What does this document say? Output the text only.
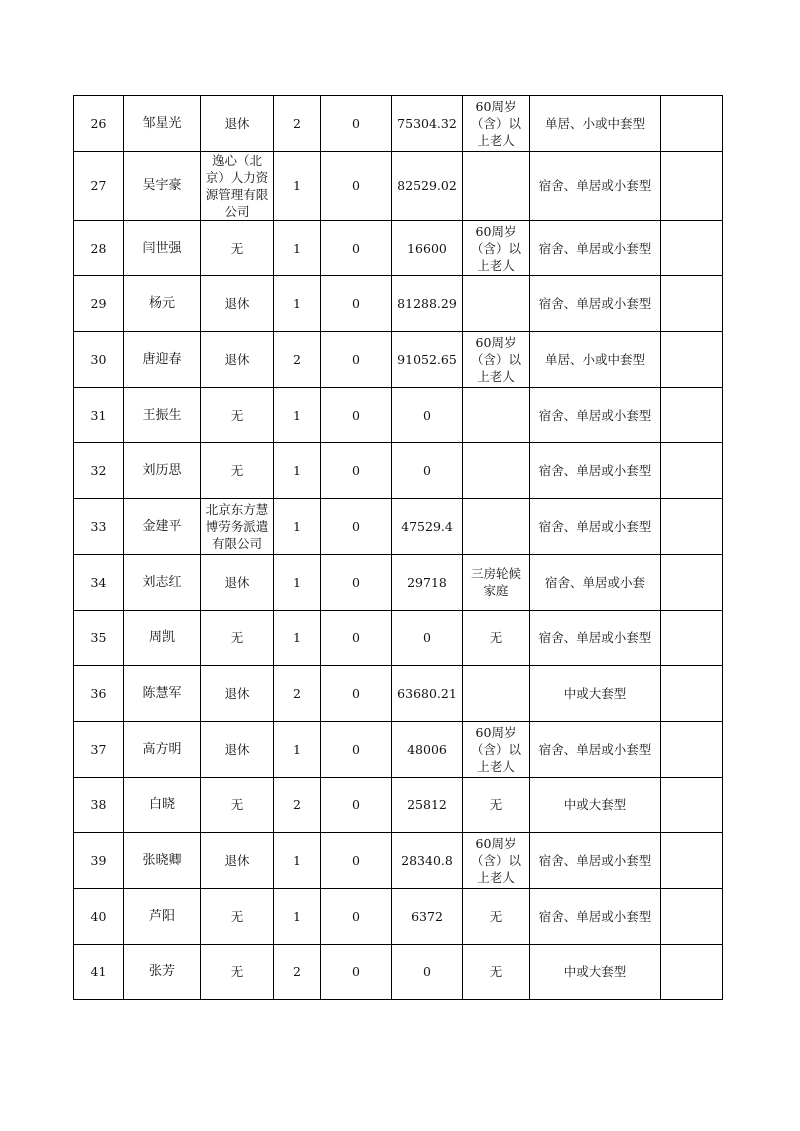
26	邹星光	退休	2	0	75304.32	60周岁（含）以上老人	单居、小或中套型	
27	吴宇豪	逸心（北京）人力资源管理有限公司	1	0	82529.02		宿舍、单居或小套型	
28	闫世强	无	1	0	16600	60周岁（含）以上老人	宿舍、单居或小套型	
29	杨元	退休	1	0	81288.29		宿舍、单居或小套型	
30	唐迎春	退休	2	0	91052.65	60周岁（含）以上老人	单居、小或中套型	
31	王振生	无	1	0	0		宿舍、单居或小套型	
32	刘历思	无	1	0	0		宿舍、单居或小套型	
33	金建平	北京东方慧博劳务派遣有限公司	1	0	47529.4		宿舍、单居或小套型	
34	刘志红	退休	1	0	29718	三房轮候家庭	宿舍、单居或小套	
35	周凯	无	1	0	0	无	宿舍、单居或小套型	
36	陈慧军	退休	2	0	63680.21		中或大套型	
37	高方明	退休	1	0	48006	60周岁（含）以上老人	宿舍、单居或小套型	
38	白晓	无	2	0	25812	无	中或大套型	
39	张晓卿	退休	1	0	28340.8	60周岁（含）以上老人	宿舍、单居或小套型	
40	芦阳	无	1	0	6372	无	宿舍、单居或小套型	
41	张芳	无	2	0	0	无	中或大套型	
